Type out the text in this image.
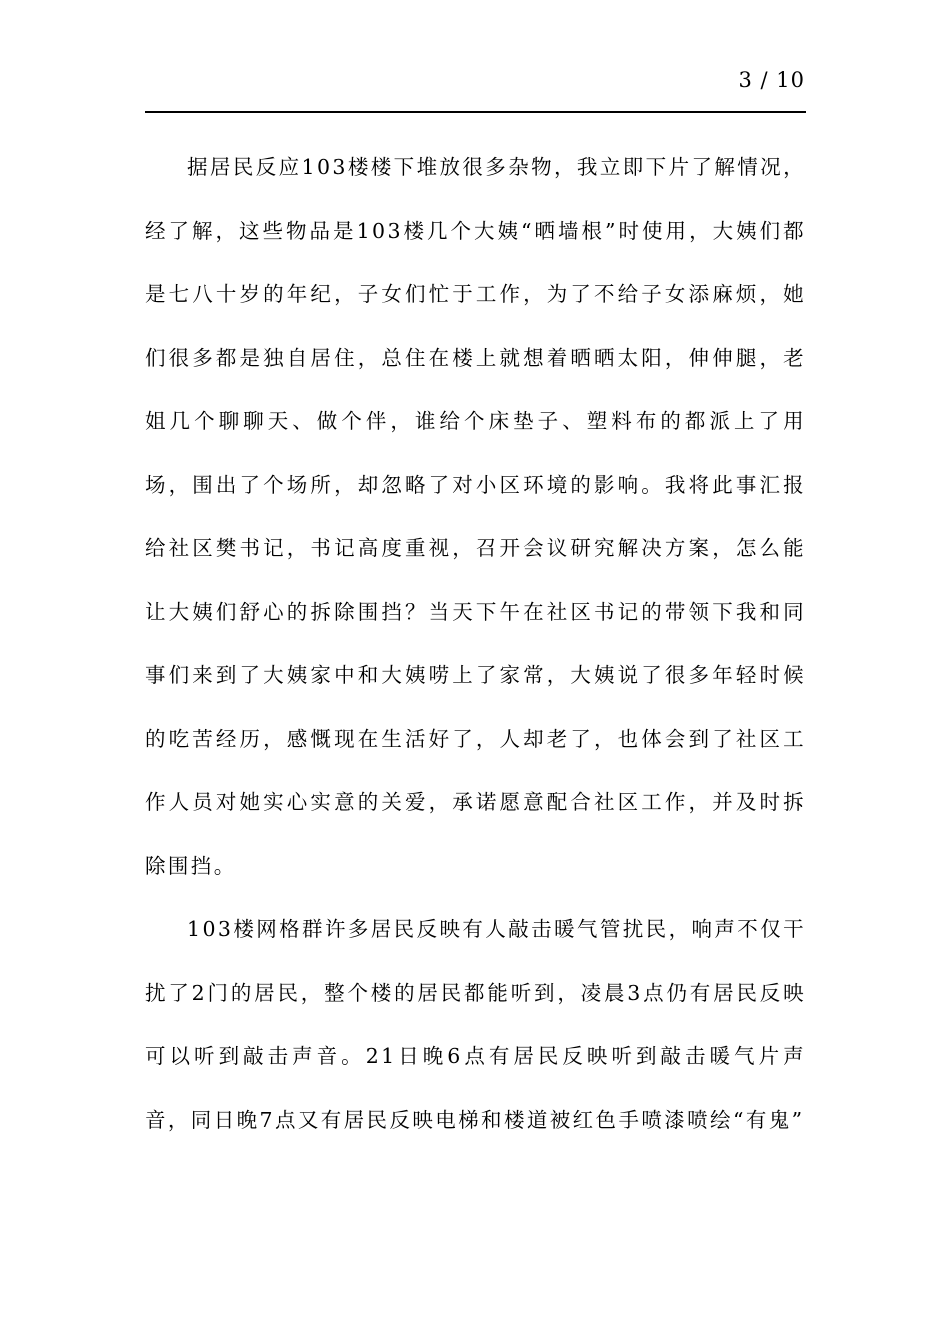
3 / 10

据居民反应103楼楼下堆放很多杂物，我立即下片了解情况，经了解，这些物品是103楼几个大姨“晒墙根”时使用，大姨们都是七八十岁的年纪，子女们忙于工作，为了不给子女添麻烦，她们很多都是独自居住，总住在楼上就想着晒晒太阳，伸伸腿，老姐几个聊聊天、做个伴，谁给个床垫子、塑料布的都派上了用场，围出了个场所，却忽略了对小区环境的影响。我将此事汇报给社区樊书记，书记高度重视，召开会议研究解决方案，怎么能让大姨们舒心的拆除围挡？当天下午在社区书记的带领下我和同事们来到了大姨家中和大姨唠上了家常，大姨说了很多年轻时候的吃苦经历，感慨现在生活好了，人却老了，也体会到了社区工作人员对她实心实意的关爱，承诺愿意配合社区工作，并及时拆除围挡。

103楼网格群许多居民反映有人敲击暖气管扰民，响声不仅干扰了2门的居民，整个楼的居民都能听到，凌晨3点仍有居民反映可以听到敲击声音。21日晚6点有居民反映听到敲击暖气片声音，同日晚7点又有居民反映电梯和楼道被红色手喷漆喷绘“有鬼”
